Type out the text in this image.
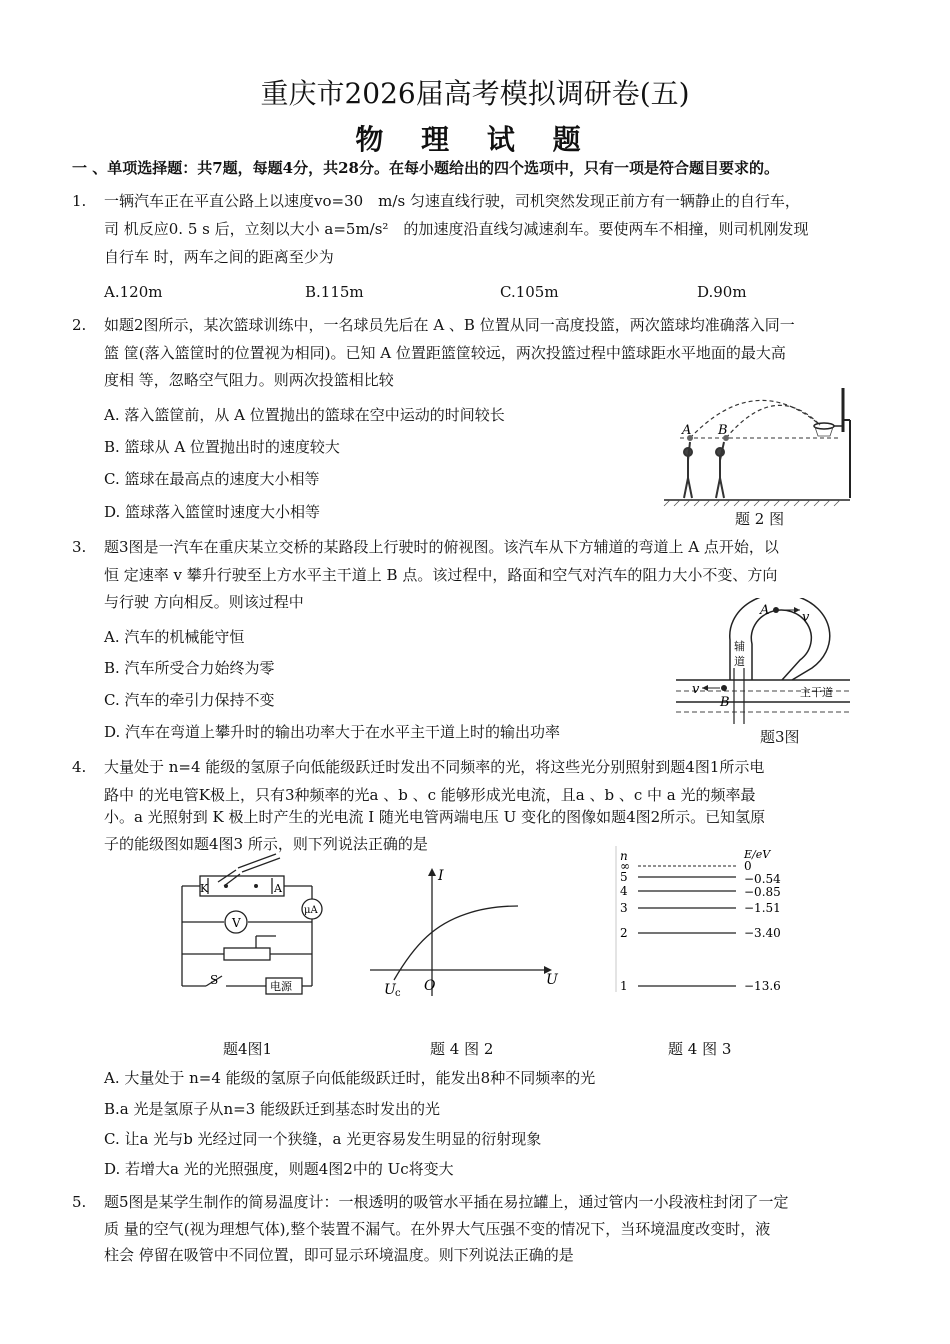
重庆市2026届高考模拟调研卷(五)
物 理 试 题
一 、单项选择题：共7题，每题4分，共28分。在每小题给出的四个选项中，只有一项是符合题目要求的。
1. 一辆汽车正在平直公路上以速度vo=30　m/s 匀速直线行驶，司机突然发现正前方有一辆静止的自行车，
司 机反应0. 5 s 后，立刻以大小 a=5m/s²　的加速度沿直线匀减速刹车。要使两车不相撞，则司机刚发现
自行车 时，两车之间的距离至少为
A.120m	B.115m	C.105m	D.90m
2. 如题2图所示，某次篮球训练中，一名球员先后在 A 、B 位置从同一高度投篮，两次篮球均准确落入同一
篮 筐(落入篮筐时的位置视为相同)。已知 A 位置距篮筐较远，两次投篮过程中篮球距水平地面的最大高
度相 等，忽略空气阻力。则两次投篮相比较
A. 落入篮筐前，从 A 位置抛出的篮球在空中运动的时间较长
B. 篮球从 A 位置抛出时的速度较大
C. 篮球在最高点的速度大小相等
D. 篮球落入篮筐时速度大小相等
A B
题 2 图
3. 题3图是一汽车在重庆某立交桥的某路段上行驶时的俯视图。该汽车从下方辅道的弯道上 A 点开始，以
恒 定速率 v 攀升行驶至上方水平主干道上 B 点。该过程中，路面和空气对汽车的阻力大小不变、方向
与行驶 方向相反。则该过程中
A. 汽车的机械能守恒
B. 汽车所受合力始终为零
C. 汽车的牵引力保持不变
D. 汽车在弯道上攀升时的输出功率大于在水平主干道上时的输出功率
A	v
辅
道
v
B
主干道
题3图
4. 大量处于 n=4 能级的氢原子向低能级跃迁时发出不同频率的光，将这些光分别照射到题4图1所示电
路中 的光电管K极上，只有3种频率的光a 、b 、c 能够形成光电流，且a 、b 、c 中 a 光的频率最
小。a 光照射到 K 极上时产生的光电流 I 随光电管两端电压 U 变化的图像如题4图2所示。已知氢原
子的能级图如题4图3 所示，则下列说法正确的是
K	A
μA
V
S	电源
I
U
U c O
n	E/eV
∞	0
5	−0.54
4	−0.85
3	−1.51
2	−3.40
1	−13.6
题4图1	题 4 图 2	题 4 图 3
A. 大量处于 n=4 能级的氢原子向低能级跃迁时，能发出8种不同频率的光
B.a 光是氢原子从n=3 能级跃迁到基态时发出的光
C. 让a 光与b 光经过同一个狭缝，a 光更容易发生明显的衍射现象
D. 若增大a 光的光照强度，则题4图2中的 Uc将变大
5. 题5图是某学生制作的简易温度计：一根透明的吸管水平插在易拉罐上，通过管内一小段液柱封闭了一定
质 量的空气(视为理想气体),整个装置不漏气。在外界大气压强不变的情况下，当环境温度改变时，液
柱会 停留在吸管中不同位置，即可显示环境温度。则下列说法正确的是
